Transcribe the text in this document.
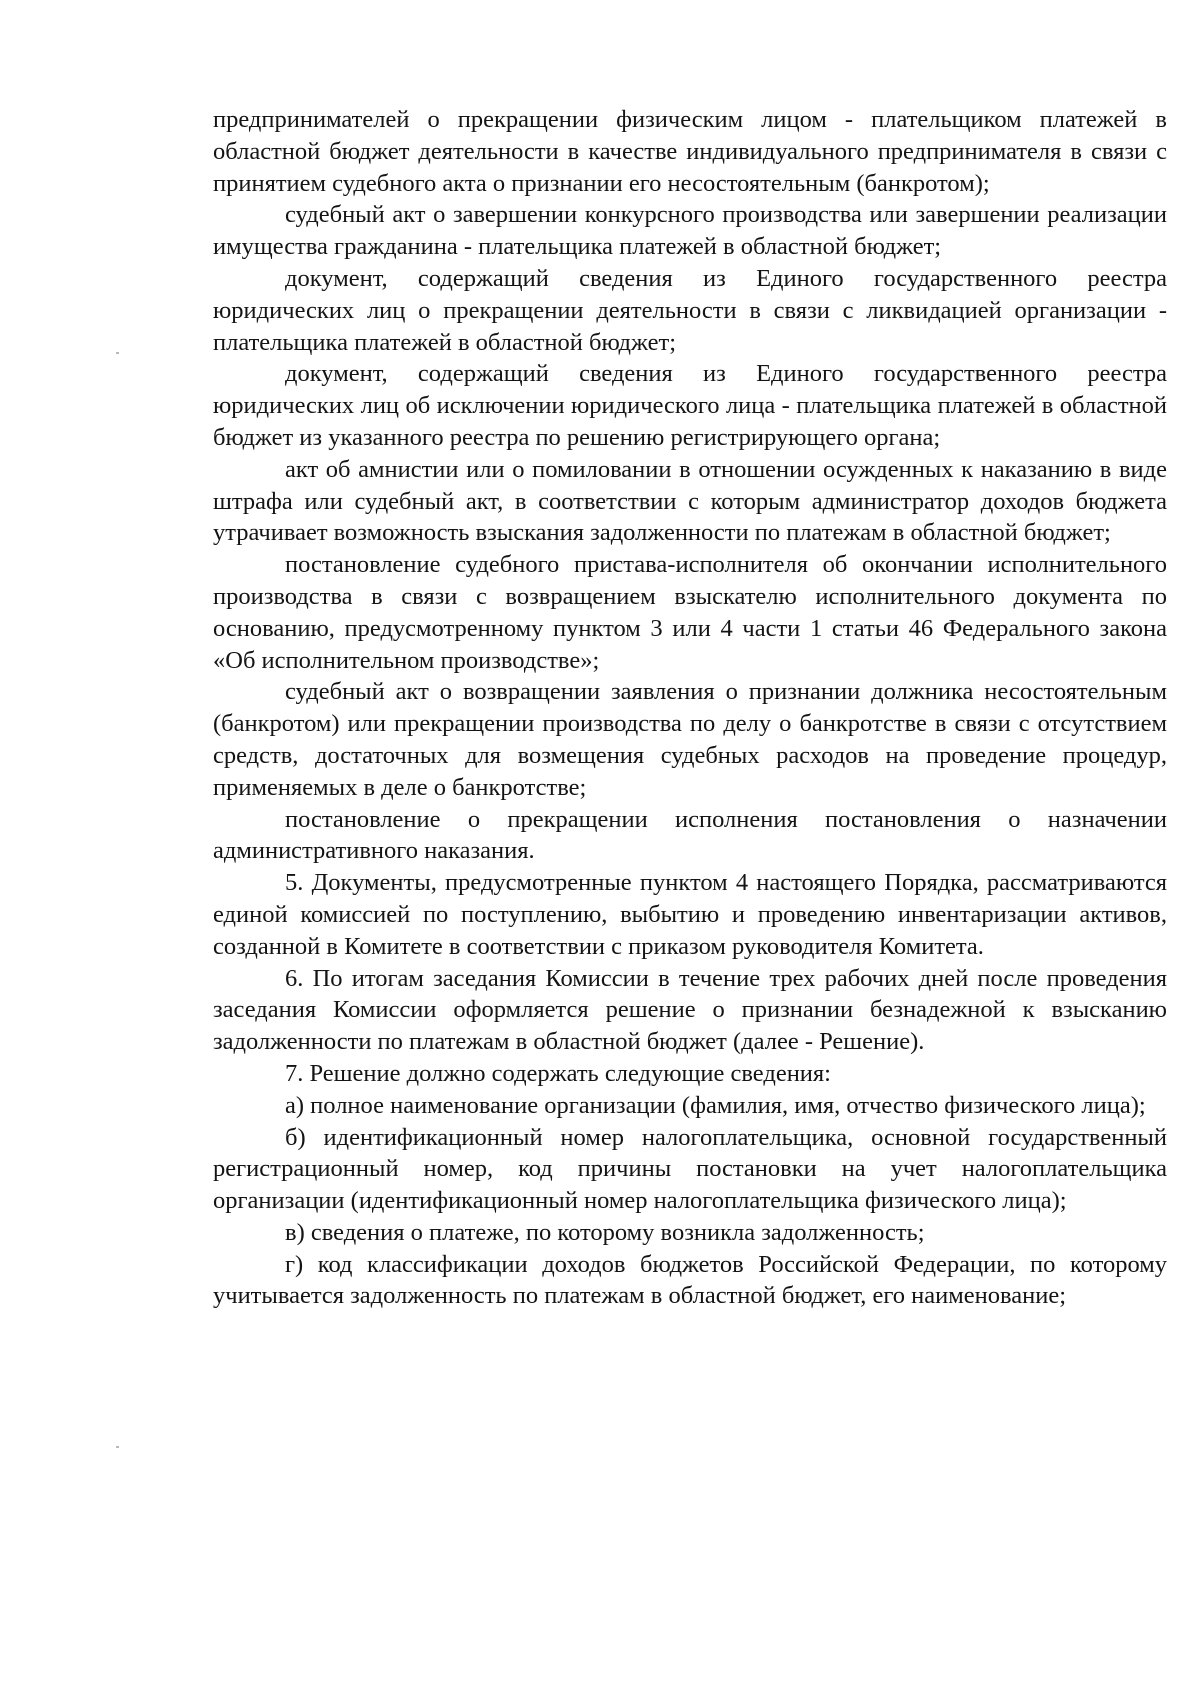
предпринимателей о прекращении физическим лицом - плательщиком платежей в областной бюджет деятельности в качестве индивидуального предпринимателя в связи с принятием судебного акта о признании его несостоятельным (банкротом);

судебный акт о завершении конкурсного производства или завершении реализации имущества гражданина - плательщика платежей в областной бюджет;

документ, содержащий сведения из Единого государственного реестра юридических лиц о прекращении деятельности в связи с ликвидацией организации - плательщика платежей в областной бюджет;

документ, содержащий сведения из Единого государственного реестра юридических лиц об исключении юридического лица - плательщика платежей в областной бюджет из указанного реестра по решению регистрирующего органа;

акт об амнистии или о помиловании в отношении осужденных к наказанию в виде штрафа или судебный акт, в соответствии с которым администратор доходов бюджета утрачивает возможность взыскания задолженности по платежам в областной бюджет;

постановление судебного пристава-исполнителя об окончании исполнительного производства в связи с возвращением взыскателю исполнительного документа по основанию, предусмотренному пунктом 3 или 4 части 1 статьи 46 Федерального закона «Об исполнительном производстве»;

судебный акт о возвращении заявления о признании должника несостоятельным (банкротом) или прекращении производства по делу о банкротстве в связи с отсутствием средств, достаточных для возмещения судебных расходов на проведение процедур, применяемых в деле о банкротстве;

постановление о прекращении исполнения постановления о назначении административного наказания.

5. Документы, предусмотренные пунктом 4 настоящего Порядка, рассматриваются единой комиссией по поступлению, выбытию и проведению инвентаризации активов, созданной в Комитете в соответствии с приказом руководителя Комитета.

6. По итогам заседания Комиссии в течение трех рабочих дней после проведения заседания Комиссии оформляется решение о признании безнадежной к взысканию задолженности по платежам в областной бюджет (далее - Решение).

7. Решение должно содержать следующие сведения:

а) полное наименование организации (фамилия, имя, отчество физического лица);

б) идентификационный номер налогоплательщика, основной государственный регистрационный номер, код причины постановки на учет налогоплательщика организации (идентификационный номер налогоплательщика физического лица);

в) сведения о платеже, по которому возникла задолженность;

г) код классификации доходов бюджетов Российской Федерации, по которому учитывается задолженность по платежам в областной бюджет, его наименование;
